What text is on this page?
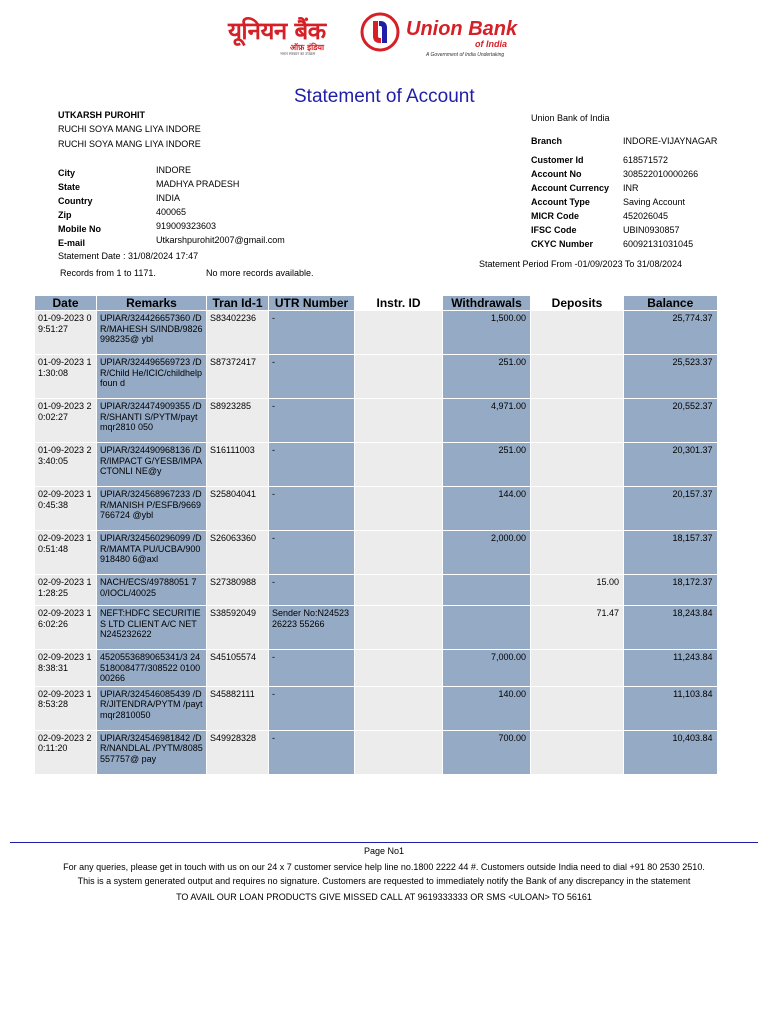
यूनियन बैंक
ऑफ़ इंडिया
भारत सरकार का उपक्रम
Union Bank
of India
A Government of India Undertaking
Statement of Account
UTKARSH PUROHIT
RUCHI SOYA MANG LIYA INDORE
RUCHI SOYA MANG LIYA INDORE
City	INDORE
State	MADHYA PRADESH
Country	INDIA
Zip	400065
Mobile No	919009323603
E-mail	Utkarshpurohit2007@gmail.com
Statement Date : 31/08/2024 17:47
Union Bank of India
Branch	INDORE-VIJAYNAGAR
Customer Id	618571572
Account No	308522010000266
Account Currency INR
Account Type	Saving Account
MICR Code	452026045
IFSC Code	UBIN0930857
CKYC Number	60092131031045
Statement Period From -01/09/2023 To 31/08/2024
Records from 1 to 1171.	No more records available.
Date	Remarks	Tran Id-1	UTR Number	Instr. ID	Withdrawals	Deposits	Balance
01-09-2023 09:51:27	UPIAR/324426657360 /DR/MAHESH S/INDB/9826998235@ ybl	S83402236	-		1,500.00		25,774.37
01-09-2023 11:30:08	UPIAR/324496569723 /DR/Child He/ICIC/childhelpfoun d	S87372417	-		251.00		25,523.37
01-09-2023 20:02:27	UPIAR/324474909355 /DR/SHANTI S/PYTM/paytmqr2810 050	S8923285	-		4,971.00		20,552.37
01-09-2023 23:40:05	UPIAR/324490968136 /DR/IMPACT G/YESB/IMPACTONLI NE@y	S16111003	-		251.00		20,301.37
02-09-2023 10:45:38	UPIAR/324568967233 /DR/MANISH P/ESFB/9669766724 @ybl	S25804041	-		144.00		20,157.37
02-09-2023 10:51:48	UPIAR/324560296099 /DR/MAMTA PU/UCBA/900918480 6@axl	S26063360	-		2,000.00		18,157.37
02-09-2023 11:28:25	NACH/ECS/49788051 70/IOCL/40025	S27380988	-			15.00	18,172.37
02-09-2023 16:02:26	NEFT:HDFC SECURITIES LTD CLIENT A/C NET N245232622	S38592049	Sender No:N2452326223 55266			71.47	18,243.84
02-09-2023 18:38:31	4520553689065341/3 24518008477/308522 010000266	S45105574	-		7,000.00		11,243.84
02-09-2023 18:53:28	UPIAR/324546085439 /DR/JITENDRA/PYTM /paytmqr2810050	S45882111	-		140.00		11,103.84
02-09-2023 20:11:20	UPIAR/324546981842 /DR/NANDLAL /PYTM/8085557757@ pay	S49928328	-		700.00		10,403.84
Page No1
For any queries, please get in touch with us on our 24 x 7 customer service help line no.1800 2222 44 #. Customers outside India need to dial +91 80 2530 2510.
This is a system generated output and requires no signature. Customers are requested to immediately notify the Bank of any discrepancy in the statement
TO AVAIL OUR LOAN PRODUCTS GIVE MISSED CALL AT 9619333333 OR SMS <ULOAN> TO 56161
